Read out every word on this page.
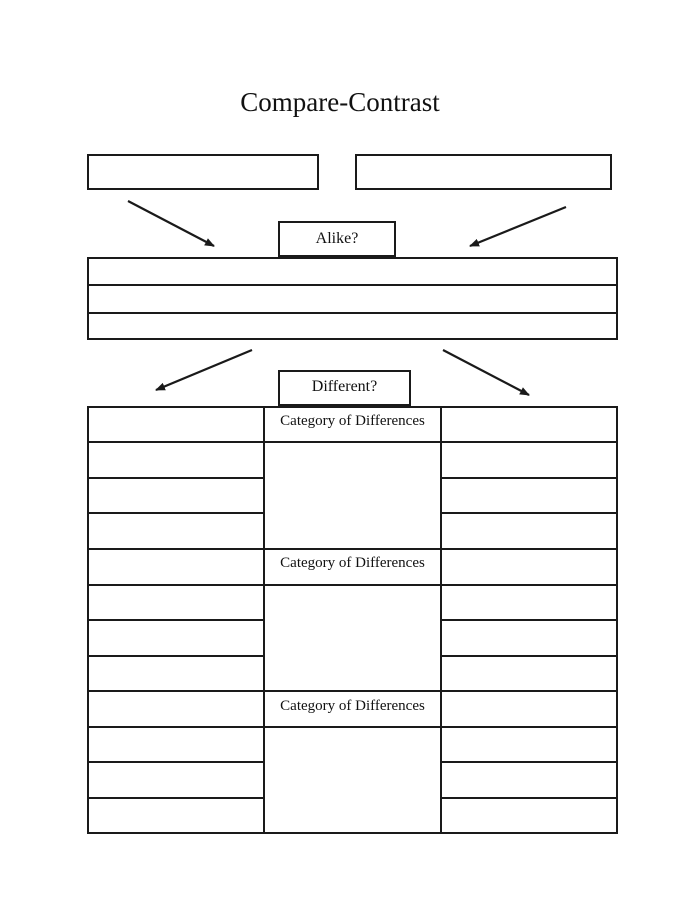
Compare-Contrast
Alike?
Different?
Category of Differences
Category of Differences
Category of Differences
